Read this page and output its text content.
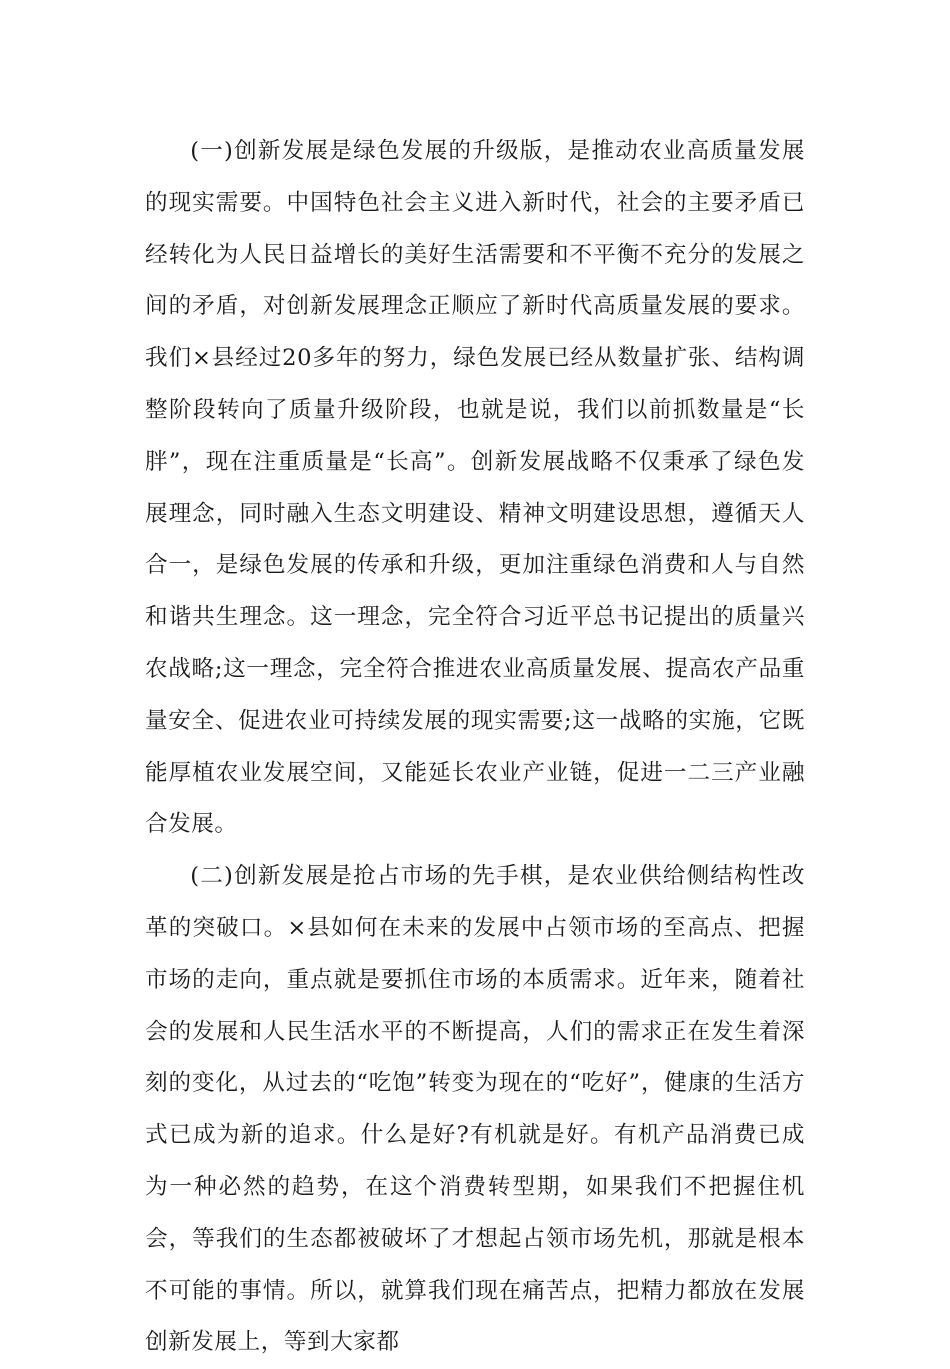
(一)创新发展是绿色发展的升级版，是推动农业高质量发展的现实需要。中国特色社会主义进入新时代，社会的主要矛盾已经转化为人民日益增长的美好生活需要和不平衡不充分的发展之间的矛盾，对创新发展理念正顺应了新时代高质量发展的要求。我们×县经过20多年的努力，绿色发展已经从数量扩张、结构调整阶段转向了质量升级阶段，也就是说，我们以前抓数量是“长胖”，现在注重质量是“长高”。创新发展战略不仅秉承了绿色发展理念，同时融入生态文明建设、精神文明建设思想，遵循天人合一，是绿色发展的传承和升级，更加注重绿色消费和人与自然和谐共生理念。这一理念，完全符合习近平总书记提出的质量兴农战略;这一理念，完全符合推进农业高质量发展、提高农产品重量安全、促进农业可持续发展的现实需要;这一战略的实施，它既能厚植农业发展空间，又能延长农业产业链，促进一二三产业融合发展。

(二)创新发展是抢占市场的先手棋，是农业供给侧结构性改革的突破口。×县如何在未来的发展中占领市场的至高点、把握市场的走向，重点就是要抓住市场的本质需求。近年来，随着社会的发展和人民生活水平的不断提高，人们的需求正在发生着深刻的变化，从过去的“吃饱”转变为现在的“吃好”，健康的生活方式已成为新的追求。什么是好?有机就是好。有机产品消费已成为一种必然的趋势，在这个消费转型期，如果我们不把握住机会，等我们的生态都被破坏了才想起占领市场先机，那就是根本不可能的事情。所以，就算我们现在痛苦点，把精力都放在发展创新发展上，等到大家都
